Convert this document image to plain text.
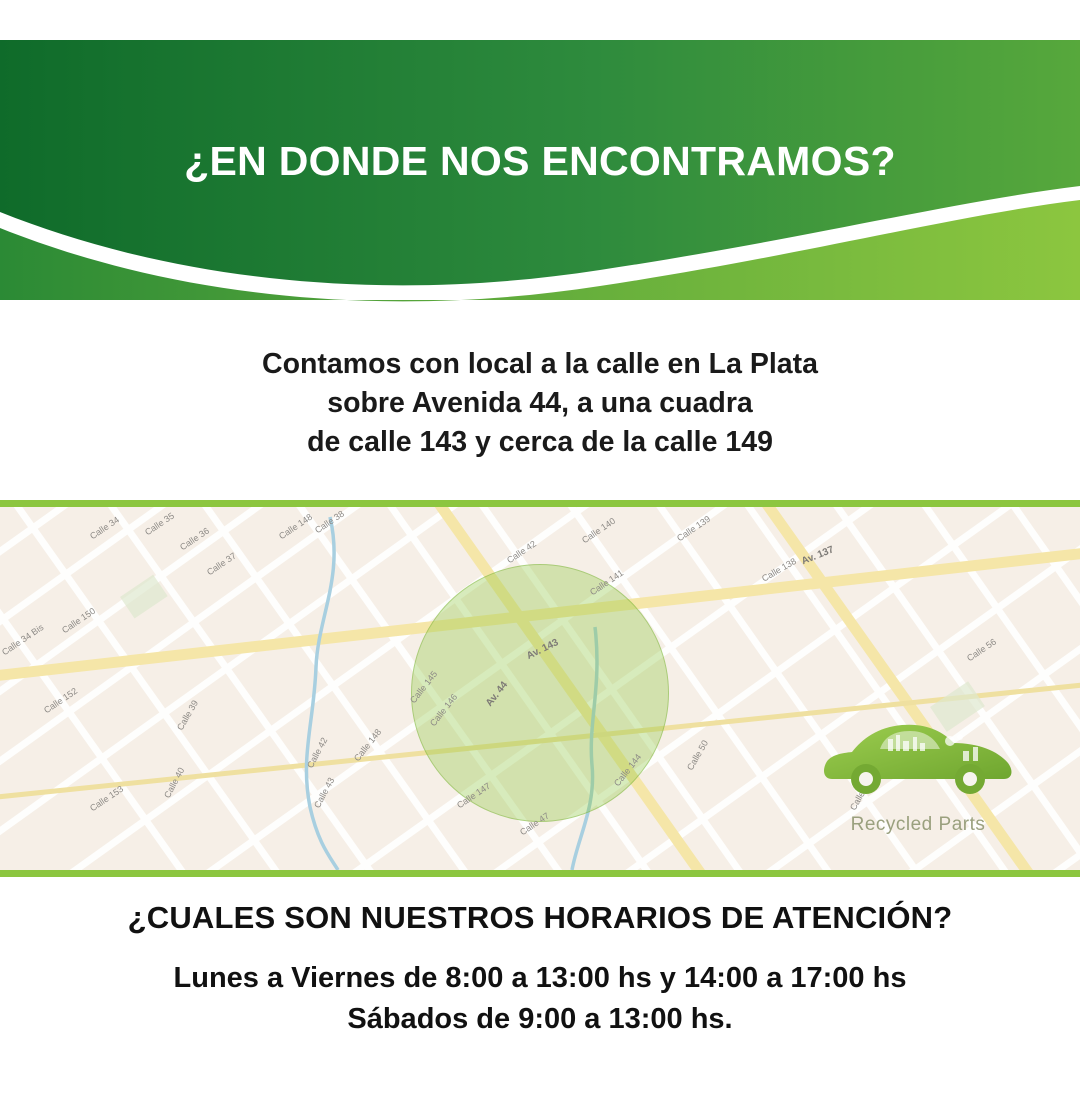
¿EN DONDE NOS ENCONTRAMOS?
Contamos con local a la calle en La Plata
sobre Avenida 44, a una cuadra
de calle 143 y cerca de la calle 149
Calle 34 Calle 35
Calle 36
Calle 37
Calle 148
Calle 38
Calle 42
Calle 140	Calle 139
Av. 137
Calle 138
Calle 141
Calle 150
Calle 34 Bis	Av. 143
Av. 44
Calle 56
Calle 152	Calle 39
Calle 145
Calle 146
Calle 42	Calle 148
Calle 40
Calle 153	Calle 43	Calle 147
Calle 47
Calle 144	Calle 50
Calle
Recycled Parts
¿CUALES SON NUESTROS HORARIOS DE ATENCIÓN?
Lunes a Viernes de 8:00 a 13:00 hs y 14:00 a 17:00 hs
Sábados de 9:00 a 13:00 hs.
